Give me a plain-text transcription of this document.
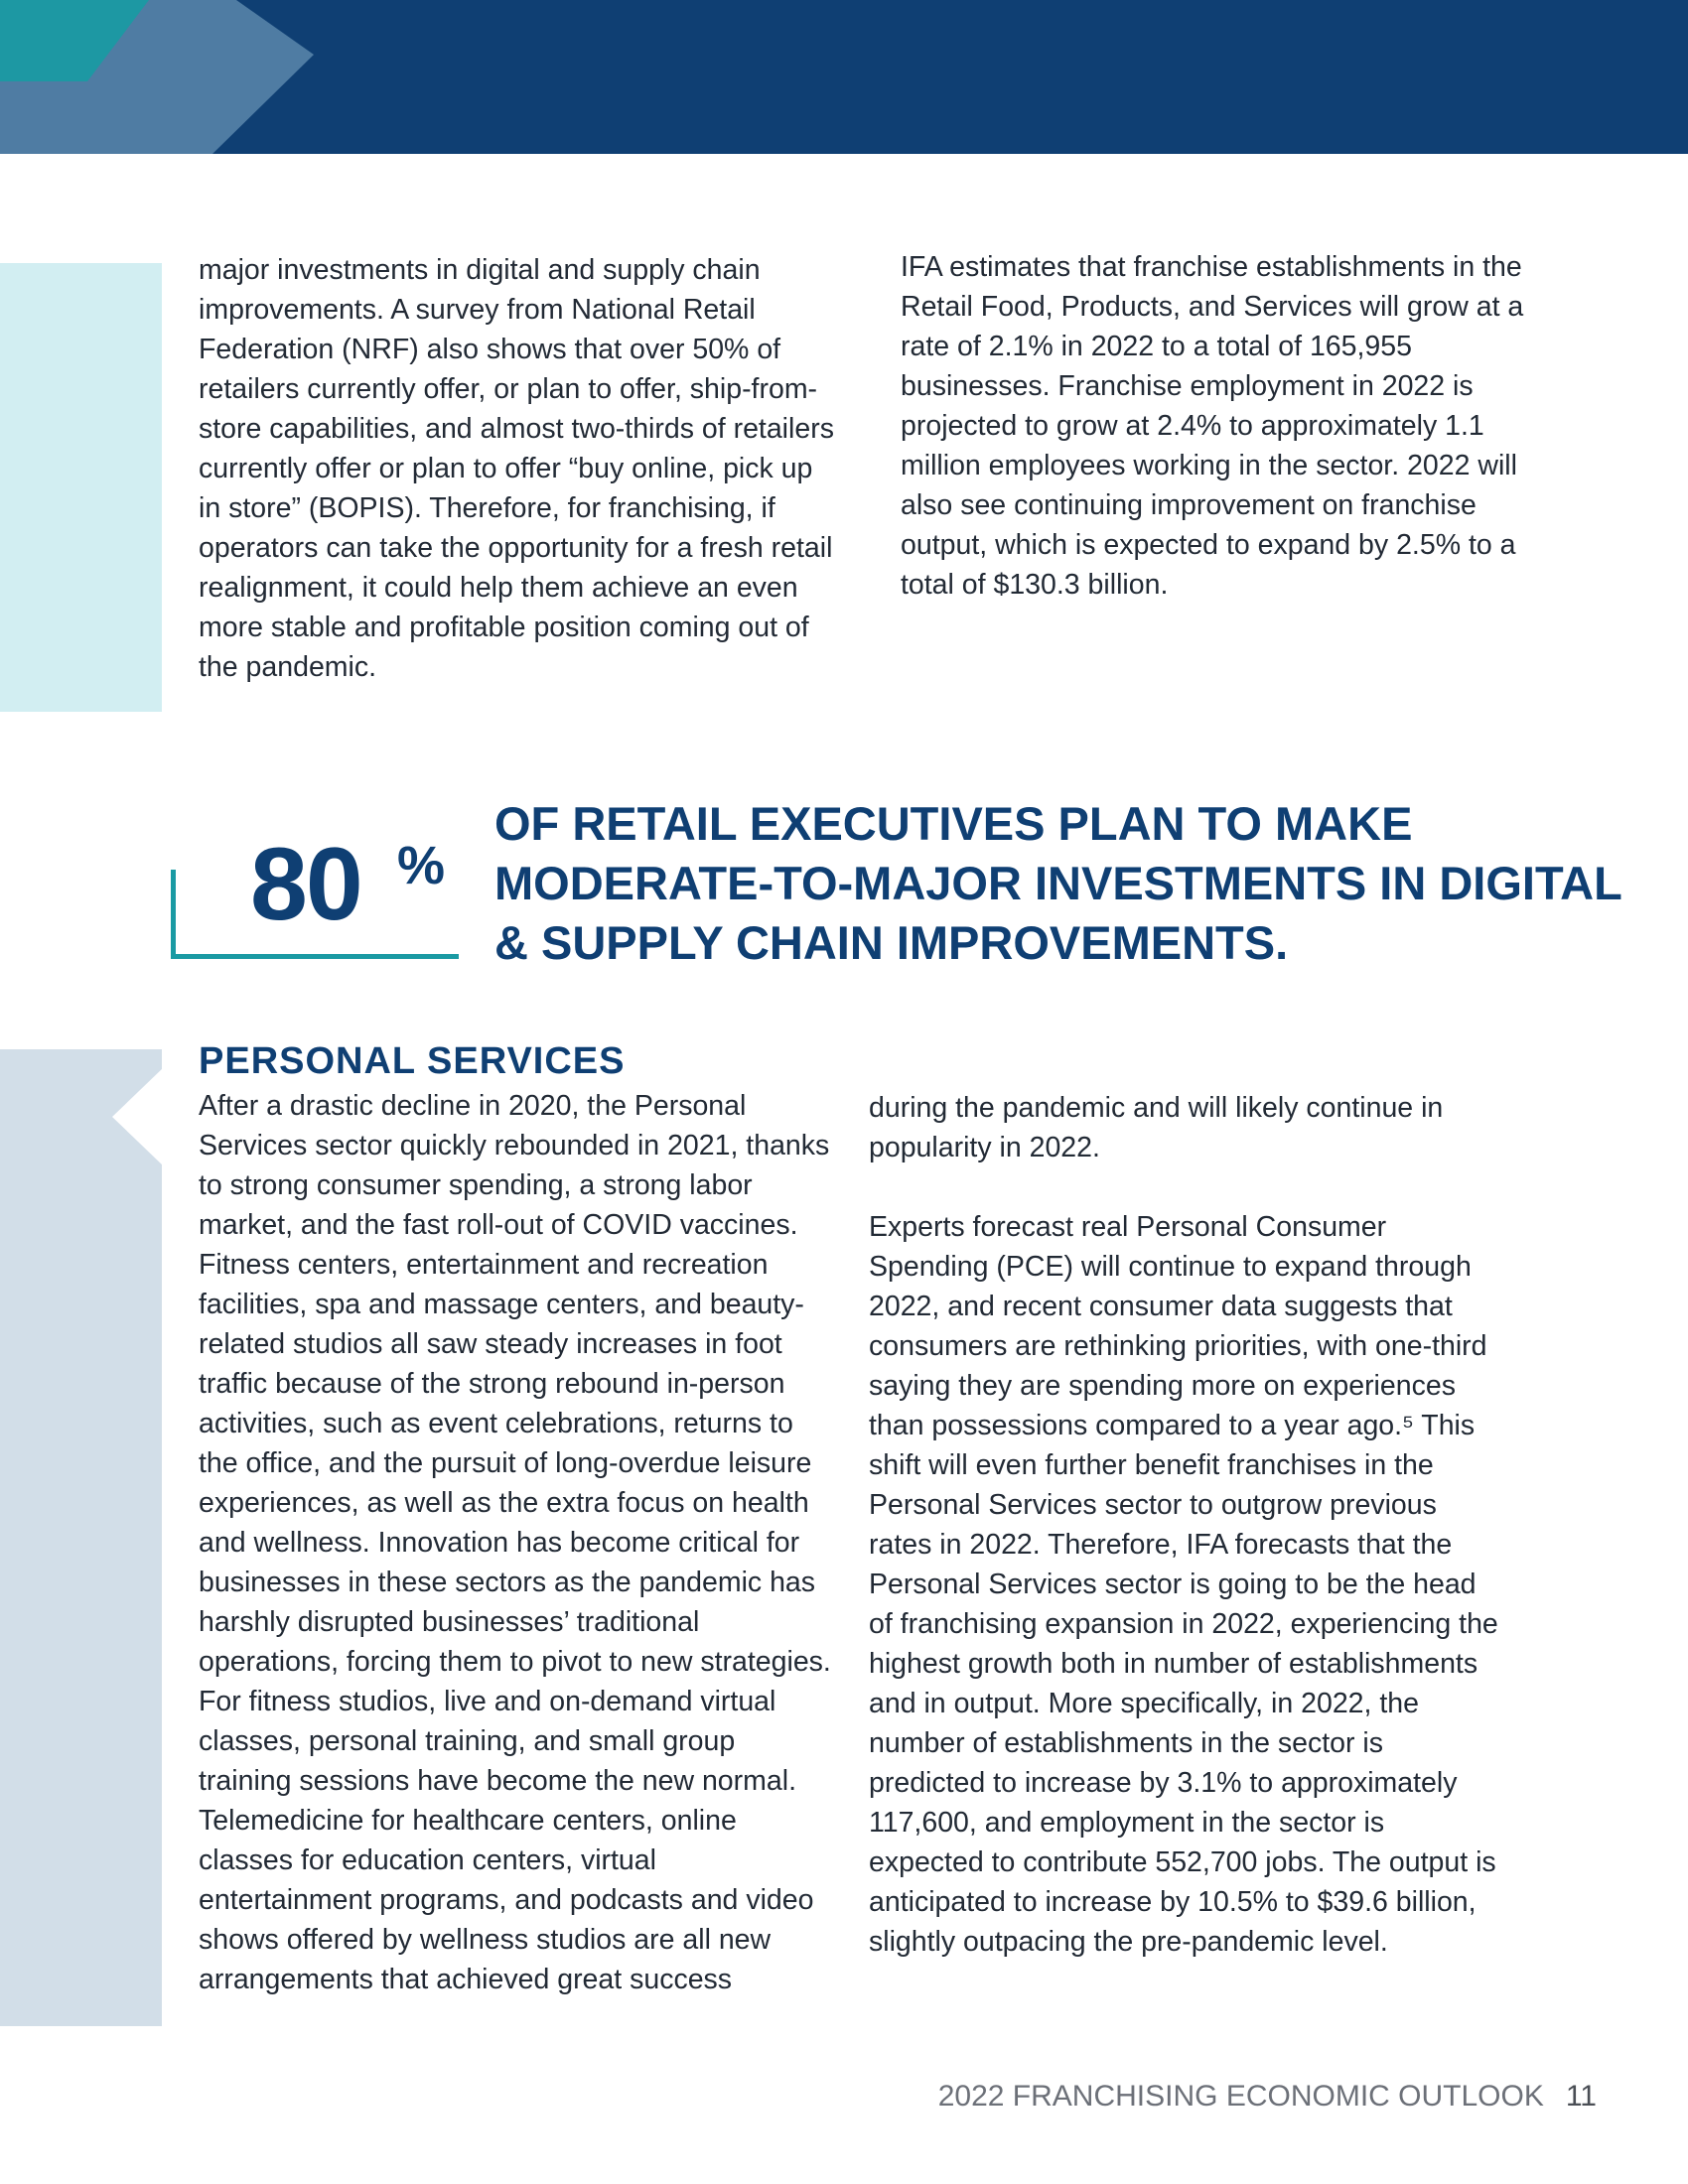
major investments in digital and supply chain improvements. A survey from National Retail Federation (NRF) also shows that over 50% of retailers currently offer, or plan to offer, ship-from-store capabilities, and almost two-thirds of retailers currently offer or plan to offer “buy online, pick up in store” (BOPIS). Therefore, for franchising, if operators can take the opportunity for a fresh retail realignment, it could help them achieve an even more stable and profitable position coming out of the pandemic.

IFA estimates that franchise establishments in the Retail Food, Products, and Services will grow at a rate of 2.1% in 2022 to a total of 165,955 businesses. Franchise employment in 2022 is projected to grow at 2.4% to approximately 1.1 million employees working in the sector. 2022 will also see continuing improvement on franchise output, which is expected to expand by 2.5% to a total of $130.3 billion.

80 %

OF RETAIL EXECUTIVES PLAN TO MAKE MODERATE-TO-MAJOR INVESTMENTS IN DIGITAL & SUPPLY CHAIN IMPROVEMENTS.

PERSONAL SERVICES

After a drastic decline in 2020, the Personal Services sector quickly rebounded in 2021, thanks to strong consumer spending, a strong labor market, and the fast roll-out of COVID vaccines. Fitness centers, entertainment and recreation facilities, spa and massage centers, and beauty-related studios all saw steady increases in foot traffic because of the strong rebound in-person activities, such as event celebrations, returns to the office, and the pursuit of long-overdue leisure experiences, as well as the extra focus on health and wellness. Innovation has become critical for businesses in these sectors as the pandemic has harshly disrupted businesses’ traditional operations, forcing them to pivot to new strategies. For fitness studios, live and on-demand virtual classes, personal training, and small group training sessions have become the new normal. Telemedicine for healthcare centers, online classes for education centers, virtual entertainment programs, and podcasts and video shows offered by wellness studios are all new arrangements that achieved great success

during the pandemic and will likely continue in popularity in 2022.

Experts forecast real Personal Consumer Spending (PCE) will continue to expand through 2022, and recent consumer data suggests that consumers are rethinking priorities, with one-third saying they are spending more on experiences than possessions compared to a year ago.⁵ This shift will even further benefit franchises in the Personal Services sector to outgrow previous rates in 2022. Therefore, IFA forecasts that the Personal Services sector is going to be the head of franchising expansion in 2022, experiencing the highest growth both in number of establishments and in output. More specifically, in 2022, the number of establishments in the sector is predicted to increase by 3.1% to approximately 117,600, and employment in the sector is expected to contribute 552,700 jobs. The output is anticipated to increase by 10.5% to $39.6 billion, slightly outpacing the pre-pandemic level.

2022 FRANCHISING ECONOMIC OUTLOOK 11
